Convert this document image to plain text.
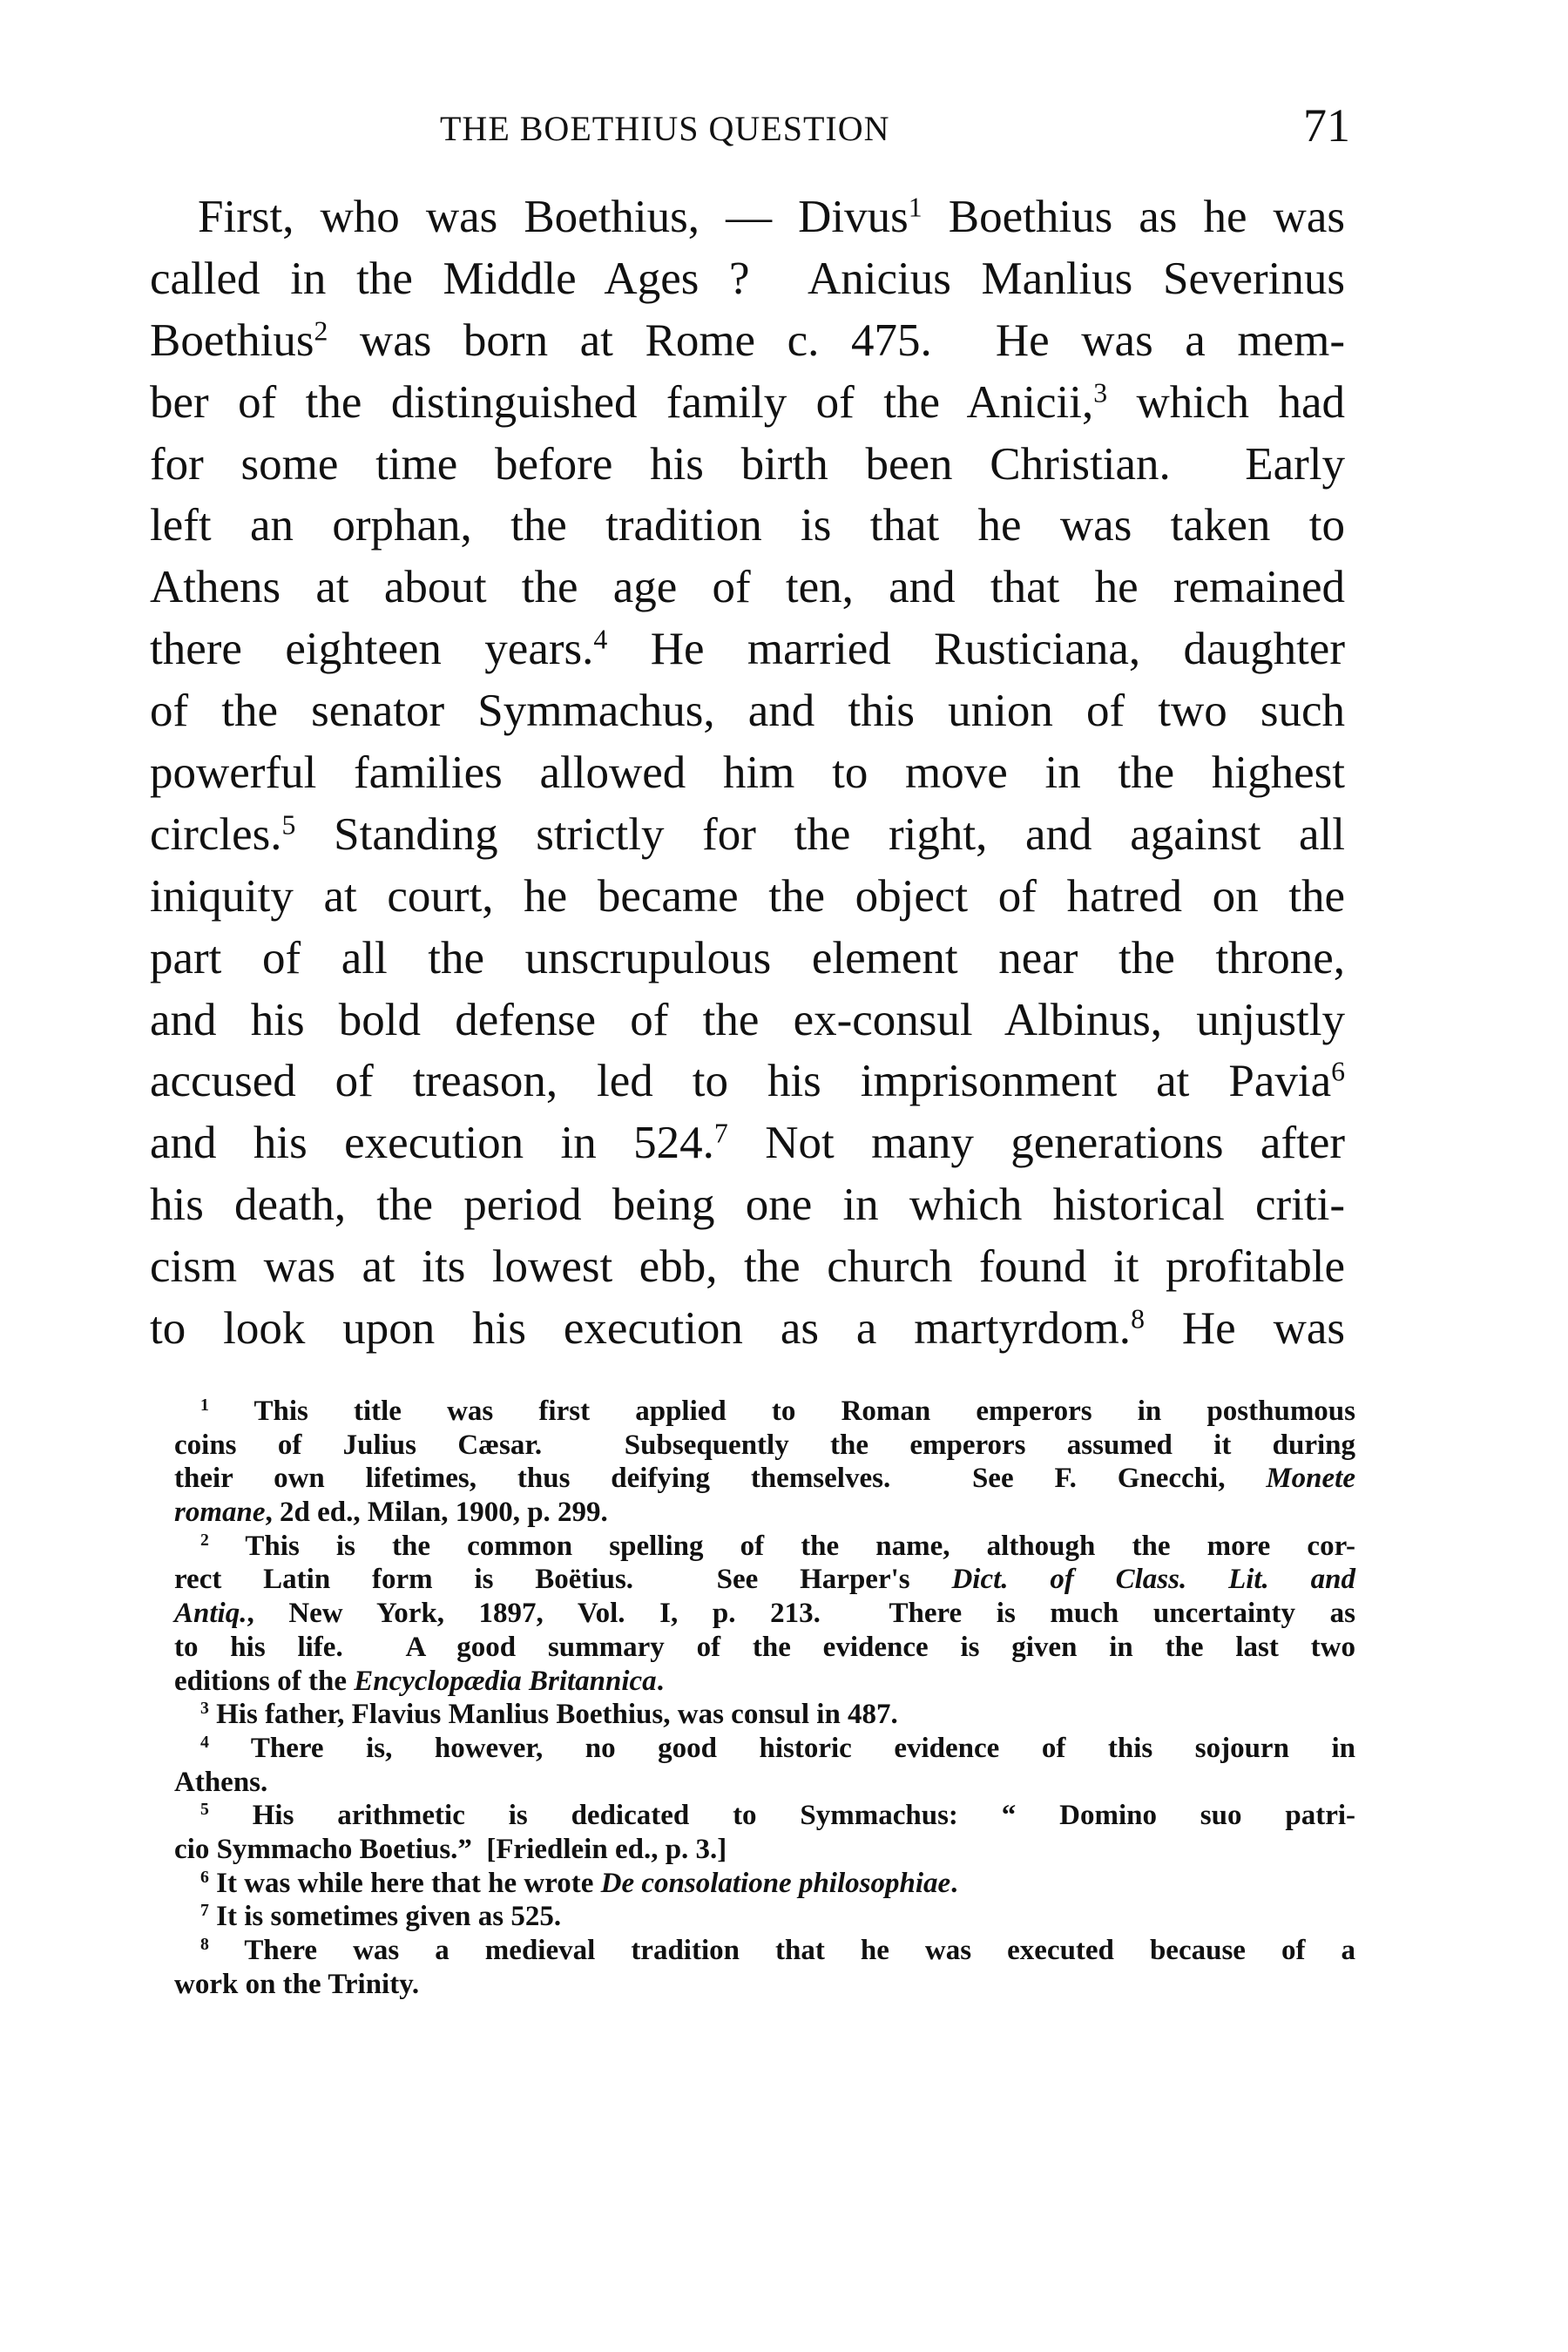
THE BOETHIUS QUESTION	71
First, who was Boethius, — Divus$^1$ Boethius as he was
called in the Middle Ages ?  Anicius Manlius Severinus
Boethius$^2$ was born at Rome c. 475.  He was a mem-
ber of the distinguished family of the Anicii,$^3$ which had
for some time before his birth been Christian.  Early
left an orphan, the tradition is that he was taken to
Athens at about the age of ten, and that he remained
there eighteen years.$^4$ He married Rusticiana, daughter
of the senator Symmachus, and this union of two such
powerful families allowed him to move in the highest
circles.$^5$ Standing strictly for the right, and against all
iniquity at court, he became the object of hatred on the
part of all the unscrupulous element near the throne,
and his bold defense of the ex-consul Albinus, unjustly
accused of treason, led to his imprisonment at Pavia$^6$
and his execution in 524.$^7$ Not many generations after
his death, the period being one in which historical criti-
cism was at its lowest ebb, the church found it profitable
to look upon his execution as a martyrdom.$^8$ He was
$^1$ This title was first applied to Roman emperors in posthumous
coins of Julius Cæsar.  Subsequently the emperors assumed it during
their own lifetimes, thus deifying themselves.  See F. Gnecchi, Monete
romane, 2d ed., Milan, 1900, p. 299.
$^2$ This is the common spelling of the name, although the more cor-
rect Latin form is Boëtius.  See Harper's Dict. of Class. Lit. and
Antiq., New York, 1897, Vol. I, p. 213.  There is much uncertainty as
to his life.  A good summary of the evidence is given in the last two
editions of the Encyclopædia Britannica.
$^3$ His father, Flavius Manlius Boethius, was consul in 487.
$^4$ There is, however, no good historic evidence of this sojourn in
Athens.
$^5$ His arithmetic is dedicated to Symmachus: “ Domino suo patri-
cio Symmacho Boetius.”  [Friedlein ed., p. 3.]
$^6$ It was while here that he wrote De consolatione philosophiae.
$^7$ It is sometimes given as 525.
$^8$ There was a medieval tradition that he was executed because of a
work on the Trinity.
